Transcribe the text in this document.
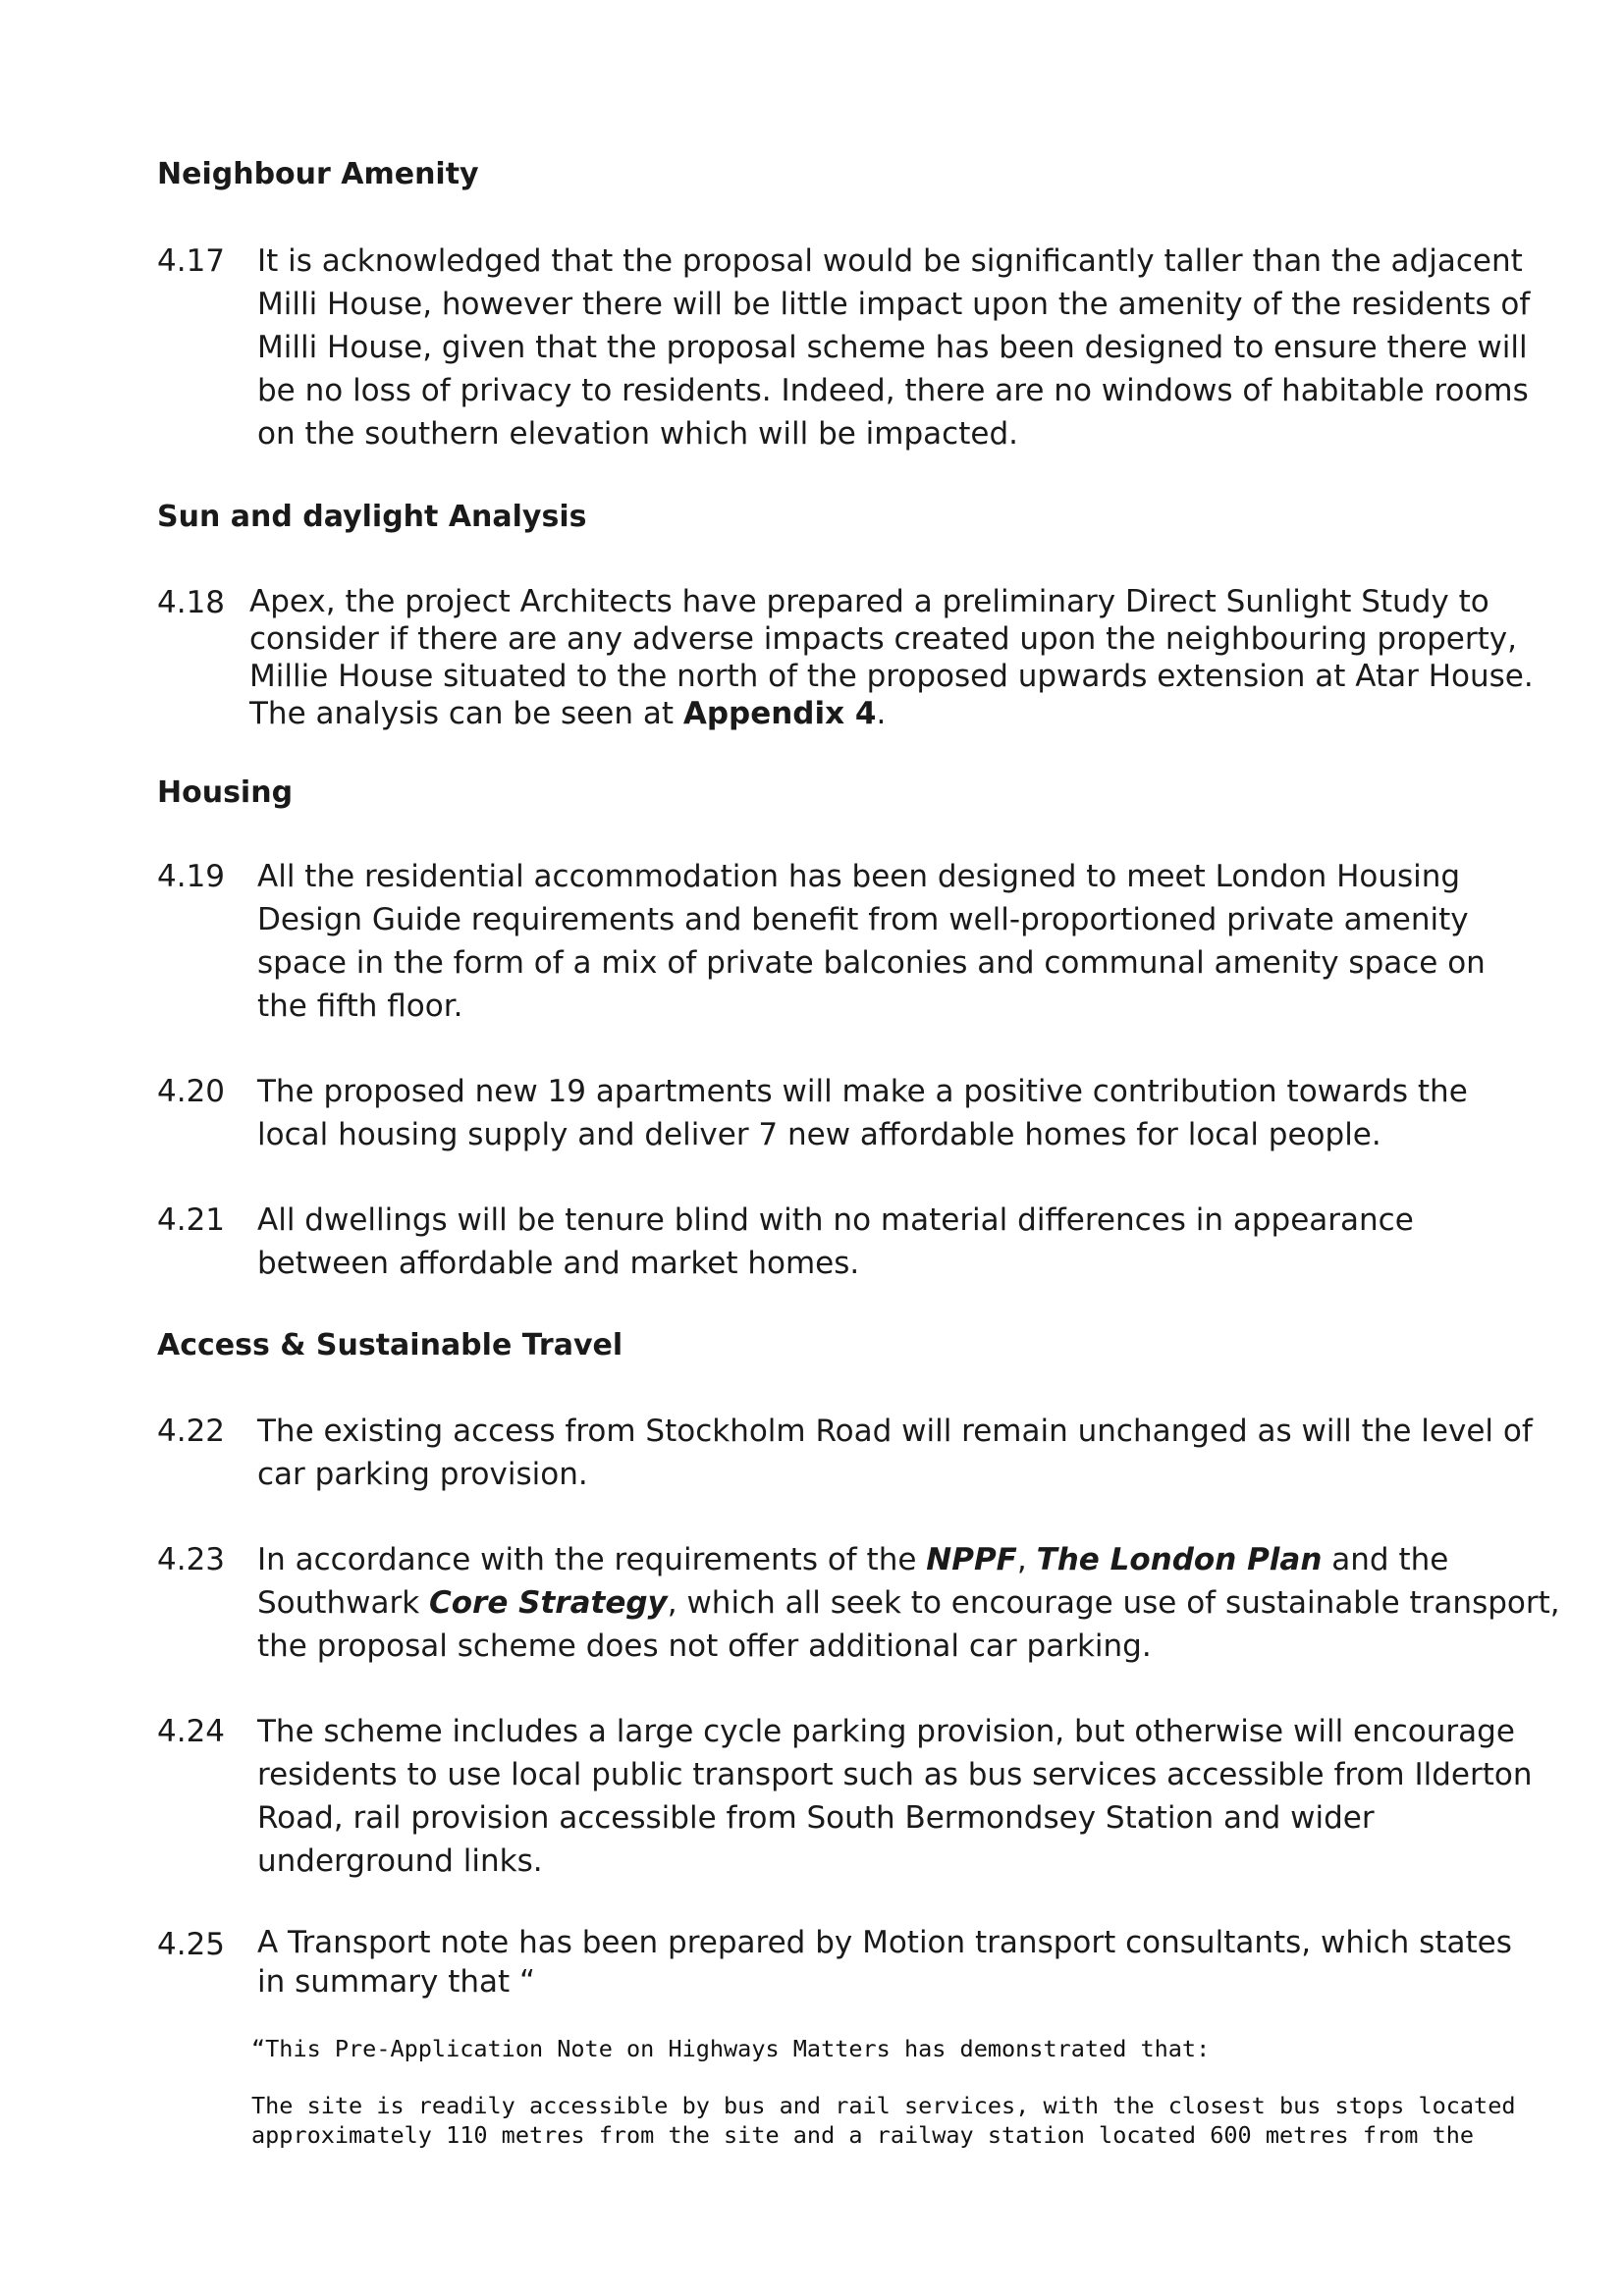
Neighbour Amenity
4.17 It is acknowledged that the proposal would be significantly taller than the adjacent
Milli House, however there will be little impact upon the amenity of the residents of
Milli House, given that the proposal scheme has been designed to ensure there will
be no loss of privacy to residents. Indeed, there are no windows of habitable rooms
on the southern elevation which will be impacted.
Sun and daylight Analysis
4.18 Apex, the project Architects have prepared a preliminary Direct Sunlight Study to
consider if there are any adverse impacts created upon the neighbouring property,
Millie House situated to the north of the proposed upwards extension at Atar House.
The analysis can be seen at Appendix 4.
Housing
4.19 All the residential accommodation has been designed to meet London Housing
Design Guide requirements and benefit from well-proportioned private amenity
space in the form of a mix of private balconies and communal amenity space on
the fifth floor.
4.20 The proposed new 19 apartments will make a positive contribution towards the
local housing supply and deliver 7 new affordable homes for local people.
4.21 All dwellings will be tenure blind with no material differences in appearance
between affordable and market homes.
Access & Sustainable Travel
4.22 The existing access from Stockholm Road will remain unchanged as will the level of
car parking provision.
4.23 In accordance with the requirements of the NPPF, The London Plan and the
Southwark Core Strategy, which all seek to encourage use of sustainable transport,
the proposal scheme does not offer additional car parking.
4.24 The scheme includes a large cycle parking provision, but otherwise will encourage
residents to use local public transport such as bus services accessible from Ilderton
Road, rail provision accessible from South Bermondsey Station and wider
underground links.
4.25 A Transport note has been prepared by Motion transport consultants, which states
in summary that “
“This Pre-Application Note on Highways Matters has demonstrated that:
The site is readily accessible by bus and rail services, with the closest bus stops located
approximately 110 metres from the site and a railway station located 600 metres from the
